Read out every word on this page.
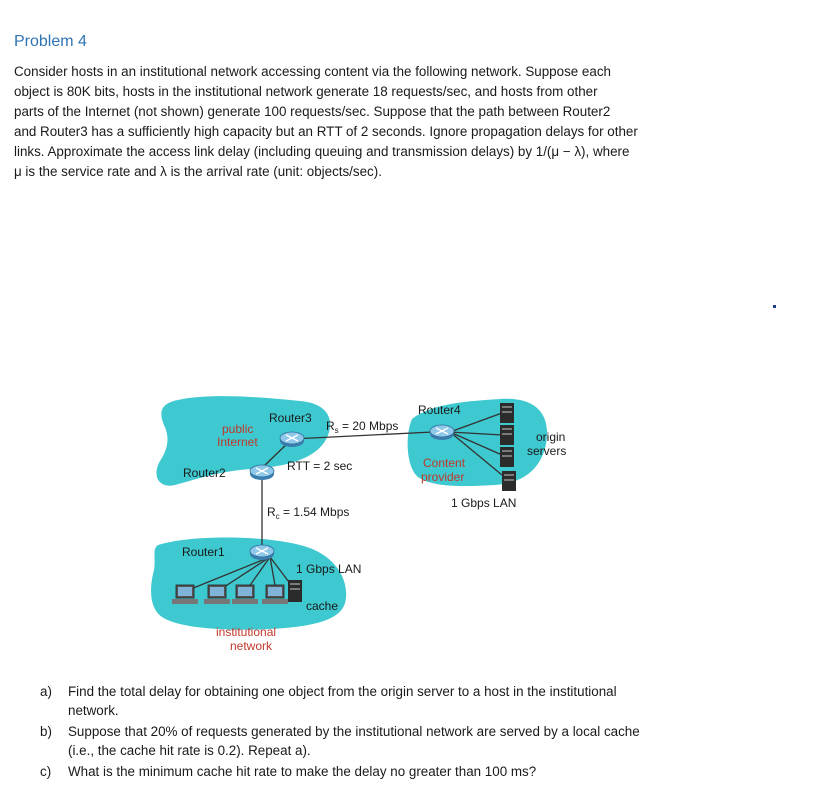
Problem 4

Consider hosts in an institutional network accessing content via the following network. Suppose each

object is 80K bits, hosts in the institutional network generate 18 requests/sec, and hosts from other

parts of the Internet (not shown) generate 100 requests/sec. Suppose that the path between Router2

and Router3 has a sufficiently high capacity but an RTT of 2 seconds. Ignore propagation delays for other

links. Approximate the access link delay (including queuing and transmission delays) by 1/(μ − λ), where

μ is the service rate and λ is the arrival rate (unit: objects/sec).

Router3
Router4
Router2
Router1
public
Internet
$R_s = 20$ Mbps
RTT = 2 sec
$R_c = 1.54$ Mbps
Content
provider
origin
servers
1 Gbps LAN
1 Gbps LAN
cache
institutional
network
a) Find the total delay for obtaining one object from the origin server to a host in the institutional
network.
b) Suppose that 20% of requests generated by the institutional network are served by a local cache
(i.e., the cache hit rate is 0.2). Repeat a).
c) What is the minimum cache hit rate to make the delay no greater than 100 ms?
